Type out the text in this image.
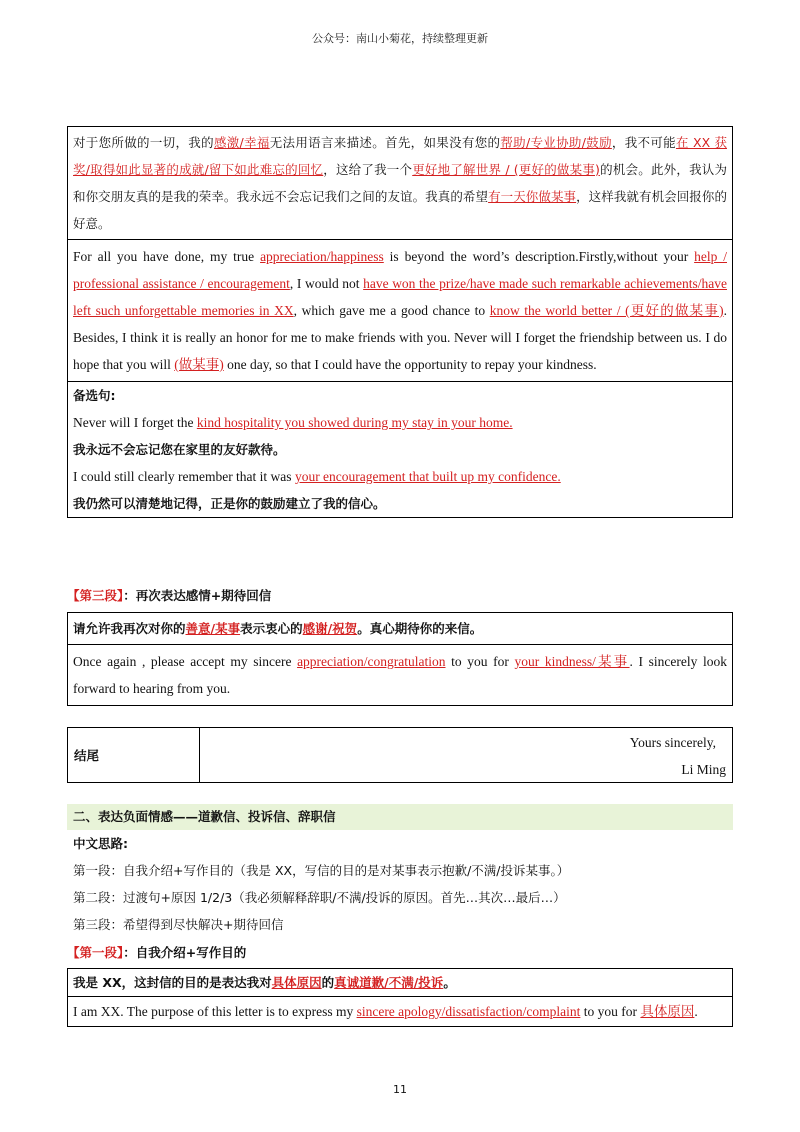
公众号：南山小菊花，持续整理更新
对于您所做的一切，我的感激/幸福无法用语言来描述。首先，如果没有您的帮助/专业协助/鼓励，我不可能在 XX 获奖/取得如此显著的成就/留下如此难忘的回忆，这给了我一个更好地了解世界 / (更好的做某事)的机会。此外，我认为和你交朋友真的是我的荣幸。我永远不会忘记我们之间的友谊。我真的希望有一天你做某事，这样我就有机会回报你的好意。
For all you have done, my true appreciation/happiness is beyond the word’s description.Firstly,without your help / professional assistance / encouragement, I would not have won the prize/have made such remarkable achievements/have left such unforgettable memories in XX, which gave me a good chance to know the world better / (更好的做某事). Besides, I think it is really an honor for me to make friends with you. Never will I forget the friendship between us. I do hope that you will (做某事) one day, so that I could have the opportunity to repay your kindness.
备选句:
Never will I forget the kind hospitality you showed during my stay in your home.
我永远不会忘记您在家里的友好款待。
I could still clearly remember that it was your encouragement that built up my confidence.
我仍然可以清楚地记得，正是你的鼓励建立了我的信心。
【第三段】：再次表达感情+期待回信
请允许我再次对你的善意/某事表示衷心的感谢/祝贺。真心期待你的来信。
Once again , please accept my sincere appreciation/congratulation to you for your kindness/某事. I sincerely look forward to hearing from you.
结尾
Yours sincerely,
Li Ming
二、表达负面情感——道歉信、投诉信、辞职信
中文思路:
第一段：自我介绍+写作目的（我是 XX，写信的目的是对某事表示抱歉/不满/投诉某事。）
第二段：过渡句+原因 1/2/3（我必须解释辞职/不满/投诉的原因。首先…其次…最后…）
第三段：希望得到尽快解决+期待回信
【第一段】：自我介绍+写作目的
我是 XX，这封信的目的是表达我对具体原因的真诚道歉/不满/投诉。
I am XX. The purpose of this letter is to express my sincere apology/dissatisfaction/complaint to you for 具体原因.
11
